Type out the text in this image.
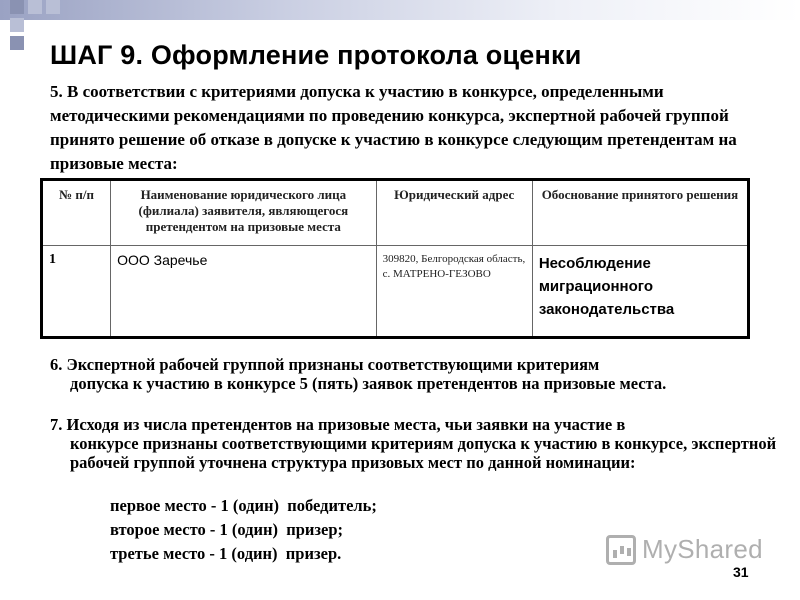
ШАГ 9. Оформление протокола оценки
5. В соответствии с критериями допуска к участию в конкурсе, определенными методическими рекомендациями по проведению конкурса, экспертной рабочей группой принято решение об отказе в допуске к участию в конкурсе следующим претендентам на призовые места:
№ п/п	Наименование юридического лица (филиала) заявителя, являющегося претендентом на призовые места	Юридический адрес	Обоснование принятого решения
1	ООО Заречье	309820, Белгородская область, с. МАТРЕНО-ГЕЗОВО	Несоблюдение миграционного законодательства
6. Экспертной рабочей группой признаны соответствующими критериям
допуска к участию в конкурсе 5 (пять) заявок претендентов на призовые места.
7. Исходя из числа претендентов на призовые места, чьи заявки на участие в
конкурсе признаны соответствующими критериям допуска к участию в конкурсе, экспертной рабочей группой уточнена структура призовых мест по данной номинации:
первое место - 1 (один)  победитель;
второе место - 1 (один)  призер;
третье место - 1 (один)  призер.	MyShared
31
